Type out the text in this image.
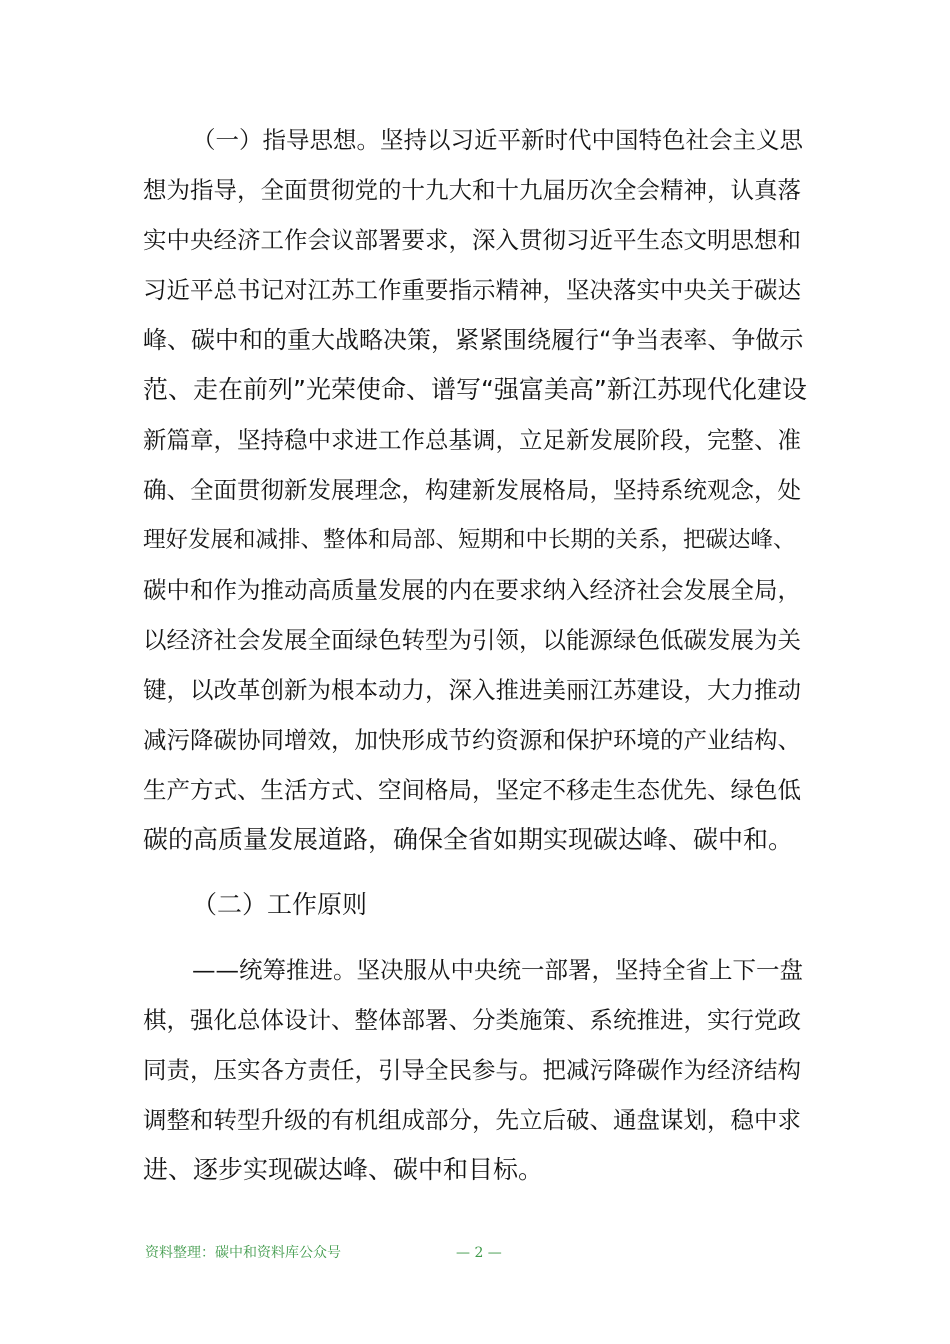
（一）指导思想。坚持以习近平新时代中国特色社会主义思
想为指导，全面贯彻党的十九大和十九届历次全会精神，认真落
实中央经济工作会议部署要求，深入贯彻习近平生态文明思想和
习近平总书记对江苏工作重要指示精神，坚决落实中央关于碳达
峰、碳中和的重大战略决策，紧紧围绕履行“争当表率、争做示
范、走在前列”光荣使命、谱写“强富美高”新江苏现代化建设
新篇章，坚持稳中求进工作总基调，立足新发展阶段，完整、准
确、全面贯彻新发展理念，构建新发展格局，坚持系统观念，处
理好发展和减排、整体和局部、短期和中长期的关系，把碳达峰、
碳中和作为推动高质量发展的内在要求纳入经济社会发展全局，
以经济社会发展全面绿色转型为引领，以能源绿色低碳发展为关
键，以改革创新为根本动力，深入推进美丽江苏建设，大力推动
减污降碳协同增效，加快形成节约资源和保护环境的产业结构、
生产方式、生活方式、空间格局，坚定不移走生态优先、绿色低
碳的高质量发展道路，确保全省如期实现碳达峰、碳中和。
（二）工作原则
——统筹推进。坚决服从中央统一部署，坚持全省上下一盘
棋，强化总体设计、整体部署、分类施策、系统推进，实行党政
同责，压实各方责任，引导全民参与。把减污降碳作为经济结构
调整和转型升级的有机组成部分，先立后破、通盘谋划，稳中求
进、逐步实现碳达峰、碳中和目标。
资料整理：碳中和资料库公众号	— 2 —
